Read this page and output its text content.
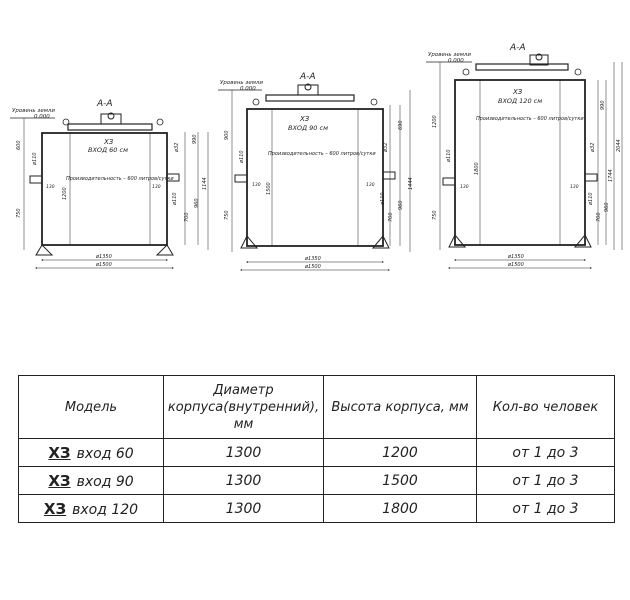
Уровень земли
0.000
А-А
ХЗ
ВХОД 60 см
Производительность – 600 литров/сутки
130	130
600
ø110
1200
750
ø32
990
1144
ø110
700
960
ø1350
ø1500
Уровень земли
0.000
А-А
ХЗ
ВХОД 90 см
Производительность – 600 литров/сутки
130	130
900
ø110
1500
750
ø32
690
1444
ø110
700
960
ø1350
ø1500
Уровень земли
0.000
А-А
ХЗ
ВХОД 120 см
Производительность – 600 литров/сутки
130	130
1200
ø110
1800
750
ø32
990
1744
2044
ø110
700
960
ø1350
ø1500
Модель	Диаметр
корпуса(внутренний),
мм	Высота корпуса, мм	Кол-во человек
ХЗ вход 60	1300	1200	от 1 до 3
ХЗ вход 90	1300	1500	от 1 до 3
ХЗ вход 120	1300	1800	от 1 до 3
